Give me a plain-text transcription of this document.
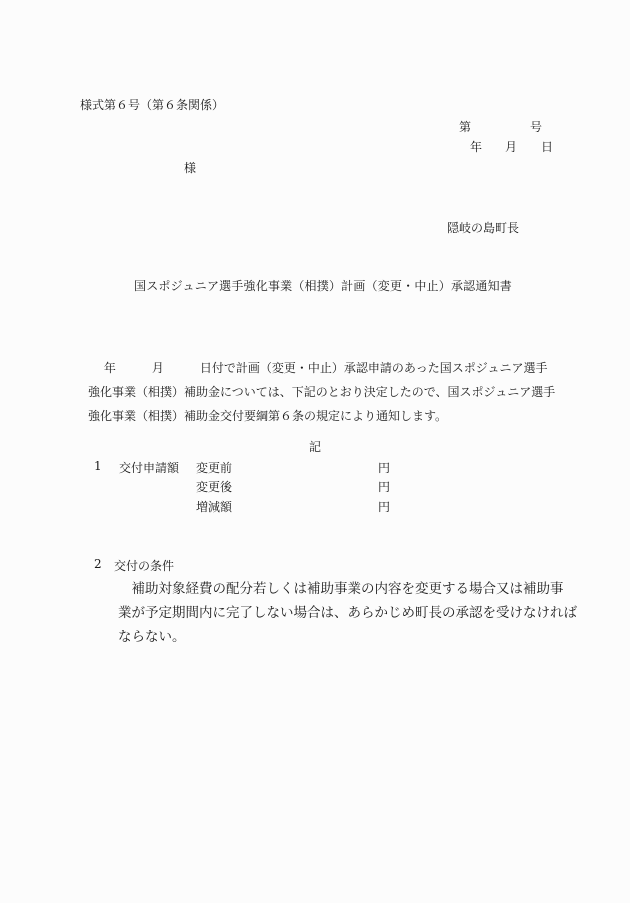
様式第６号（第６条関係）
第	号
年 月 日
様
隠岐の島町長
国スポジュニア選手強化事業（相撲）計画（変更・中止）承認通知書
　 年　　　月　　　日付で計画（変更・中止）承認申請のあった国スポジュニア選手
強化事業（相撲）補助金については、下記のとおり決定したので、国スポジュニア選手
強化事業（相撲）補助金交付要綱第６条の規定により通知します。
記
1 交付申請額 変更前	円
変更後	円
増減額	円
2 交付の条件
　補助対象経費の配分若しくは補助事業の内容を変更する場合又は補助事
業が予定期間内に完了しない場合は、あらかじめ町長の承認を受けなければ
ならない。
